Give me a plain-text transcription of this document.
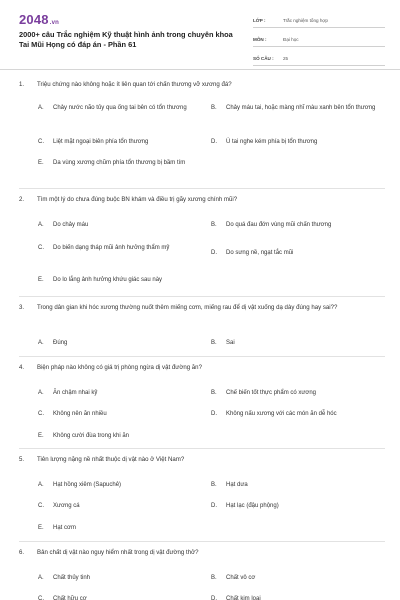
2048.vn
2000+ câu Trắc nghiệm Kỹ thuật hình ảnh trong chuyên khoa Tai Mũi Họng có đáp án - Phần 61
LỚP :	Trắc nghiệm tổng hợp
MÔN :	Đại học
SỐ CÂU :	25
1.	Triệu chứng nào không hoặc ít liên quan tới chấn thương vỡ xương đá?
A.	Chảy nước não tủy qua ống tai bên có tổn thương	B.	Chảy máu tai, hoặc màng nhĩ màu xanh bên tổn thương
C.	Liệt mặt ngoại biên phía tổn thương	D.	Ù tai nghe kém phía bị tổn thương
E.	Da vùng xương chũm phía tổn thương bị bầm tím
2.	Tìm một lý do chưa đúng buộc BN khám và điều trị gãy xương chính mũi?
A.	Do chảy máu	B.	Do quá đau đớn vùng mũi chấn thương
C.	Do biến dạng tháp mũi ảnh hưởng thẩm mỹ
D.	Do sưng nề, ngạt tắc mũi
E.	Do lo lắng ảnh hưởng khứu giác sau này
3.	Trong dân gian khi hóc xương thường nuốt thêm miếng cơm, miếng rau để dị vật xuống dạ dày đúng hay sai??
A.	Đúng	B.	Sai
4.	Biện pháp nào không có giá trị phòng ngừa dị vật đường ăn?
A.	Ăn chậm nhai kỹ	B.	Chế biến tốt thực phẩm có xương
C.	Không nên ăn nhiều	D.	Không nấu xương với các món ăn dễ hóc
E.	Không cười đùa trong khi ăn
5.	Tiên lượng nặng nề nhất thuộc dị vật nào ở Việt Nam?
A.	Hạt hồng xiêm (Sapuchê)	B.	Hạt dưa
C.	Xương cá	D.	Hạt lạc (đậu phộng)
E.	Hạt cơm
6.	Bản chất dị vật nào nguy hiểm nhất trong dị vật đường thở?
A.	Chất thủy tinh	B.	Chất vô cơ
C.	Chất hữu cơ	D.	Chất kim loại
